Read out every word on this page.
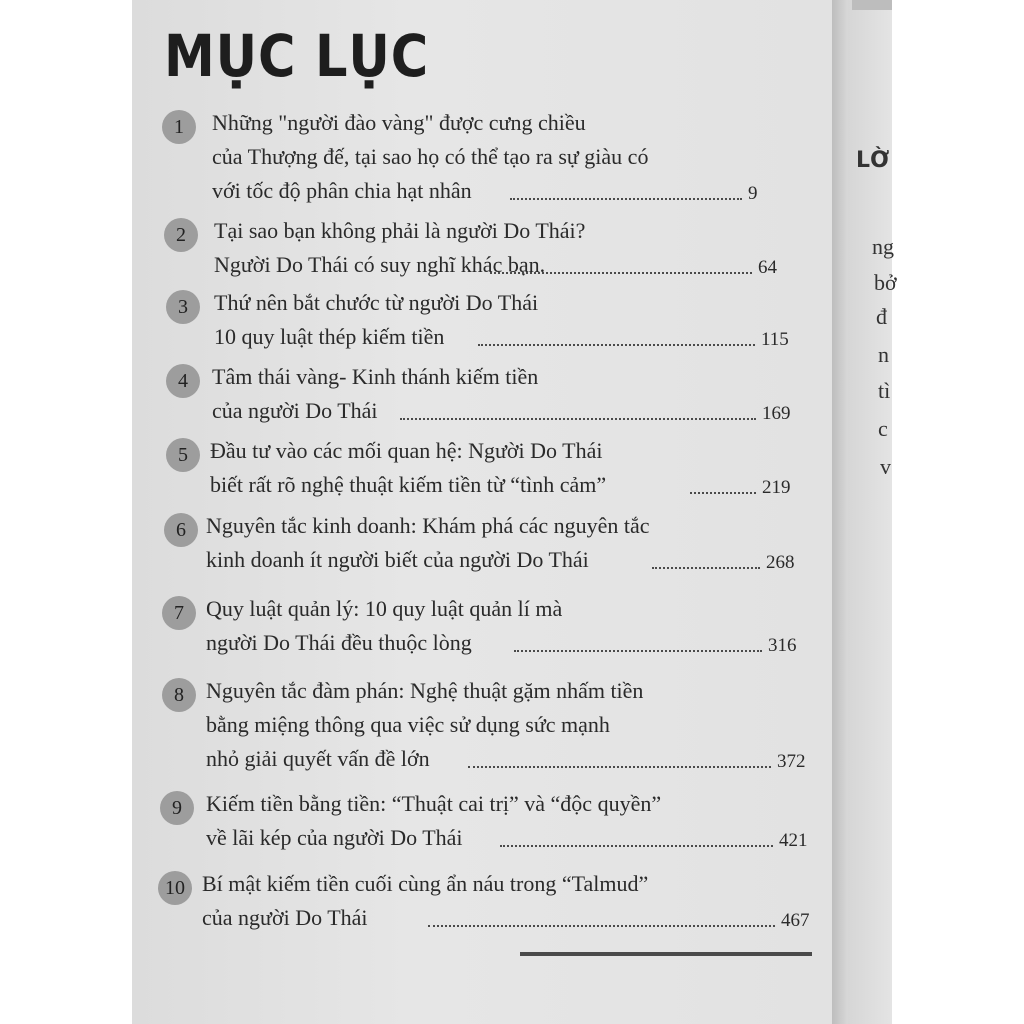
MỤC LỤC
1	Những "người đào vàng" được cưng chiều
của Thượng đế, tại sao họ có thể tạo ra sự giàu có
với tốc độ phân chia hạt nhân	9
2	Tại sao bạn không phải là người Do Thái?
Người Do Thái có suy nghĩ khác bạn.	64
3	Thứ nên bắt chước từ người Do Thái
10 quy luật thép kiếm tiền	115
4	Tâm thái vàng- Kinh thánh kiếm tiền
của người Do Thái	169
5	Đầu tư vào các mối quan hệ: Người Do Thái
biết rất rõ nghệ thuật kiếm tiền từ “tình cảm”	219
6 Nguyên tắc kinh doanh: Khám phá các nguyên tắc
kinh doanh ít người biết của người Do Thái	268
7	Quy luật quản lý: 10 quy luật quản lí mà
người Do Thái đều thuộc lòng	316
8	Nguyên tắc đàm phán: Nghệ thuật gặm nhấm tiền
bằng miệng thông qua việc sử dụng sức mạnh
nhỏ giải quyết vấn đề lớn	372
9	Kiếm tiền bằng tiền: “Thuật cai trị” và “độc quyền”
về lãi kép của người Do Thái	421
10 Bí mật kiếm tiền cuối cùng ẩn náu trong “Talmud”
của người Do Thái	467
LỜ
ng
bở
đ
n
tì
c
v
